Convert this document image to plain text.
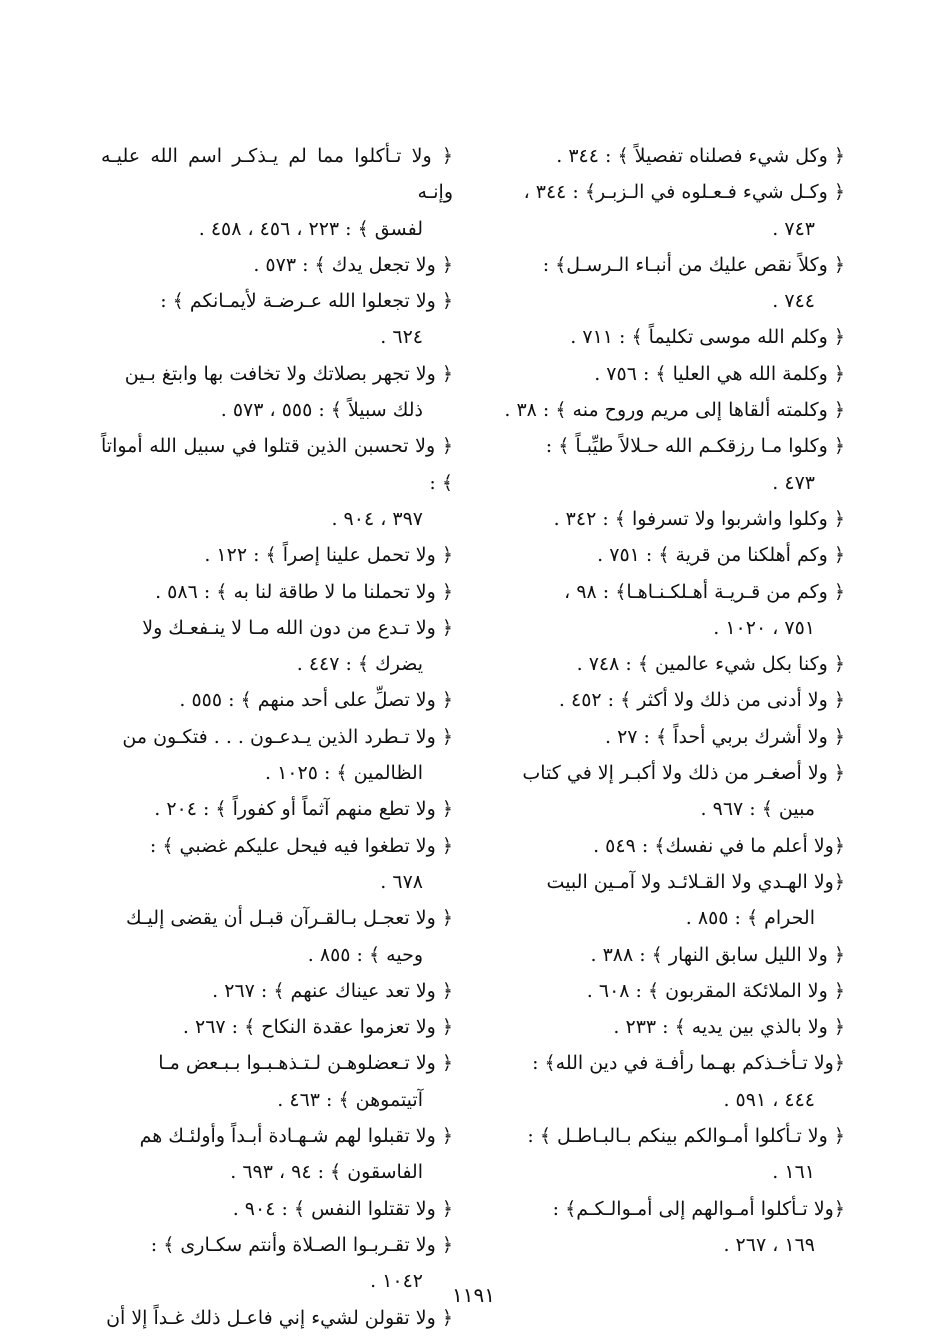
﴿ وكل شيء فصلناه تفصيلاً ﴾ : ٣٤٤ .
﴿ وكـل شيء فـعـلوه في الـزبـر﴾ : ٣٤٤ ،
٧٤٣ .
﴿ وكلاً نقص عليك من أنبـاء الـرسـل﴾ :
٧٤٤ .
﴿ وكلم الله موسى تكليماً ﴾ : ٧١١ .
﴿ وكلمة الله هي العليا ﴾ : ٧٥٦ .
﴿ وكلمته ألقاها إلى مريم وروح منه ﴾ : ٣٨ .
﴿ وكلوا مـا رزقكـم الله حـلالاً طيِّبـاً ﴾ :
٤٧٣ .
﴿ وكلوا واشربوا ولا تسرفوا ﴾ : ٣٤٢ .
﴿ وكم أهلكنا من قرية ﴾ : ٧٥١ .
﴿ وكم من قـريـة أهـلكـنـاهـا﴾ : ٩٨ ،
٧٥١ ، ١٠٢٠ .
﴿ وكنا بكل شيء عالمين ﴾ : ٧٤٨ .
﴿ ولا أدنى من ذلك ولا أكثر ﴾ : ٤٥٢ .
﴿ ولا أشرك بربي أحداً ﴾ : ٢٧ .
﴿ ولا أصغـر من ذلك ولا أكبـر إلا في كتاب
مبين ﴾ : ٩٦٧ .
﴿ولا أعلم ما في نفسك﴾ : ٥٤٩ .
﴿ولا الهـدي ولا القـلائـد ولا آمـين البيت
الحرام ﴾ : ٨٥٥ .
﴿ ولا الليل سابق النهار ﴾ : ٣٨٨ .
﴿ ولا الملائكة المقربون ﴾ : ٦٠٨ .
﴿ ولا بالذي بين يديه ﴾ : ٢٣٣ .
﴿ولا تـأخـذكم بهـما رأفـة في دين الله﴾ :
٤٤٤ ، ٥٩١ .
﴿ ولا تـأكلوا أمـوالكم بينكم بـالبـاطـل ﴾ :
١٦١ .
﴿ولا تـأكلوا أمـوالهم إلى أمـوالـكـم﴾ :
١٦٩ ، ٢٦٧ .
﴿ ولا تـأكلوا مما لم يـذكـر اسم الله عليـه وإنـه
لفسق ﴾ : ٢٢٣ ، ٤٥٦ ، ٤٥٨ .
﴿ ولا تجعل يدك ﴾ : ٥٧٣ .
﴿ ولا تجعلوا الله عـرضـة لأيمـانكم ﴾ :
٦٢٤ .
﴿ ولا تجهر بصلاتك ولا تخافت بها وابتغ بـين
ذلك سبيلاً ﴾ : ٥٥٥ ، ٥٧٣ .
﴿ ولا تحسبن الذين قتلوا في سبيل الله أمواتاً ﴾ :
٣٩٧ ، ٩٠٤ .
﴿ ولا تحمل علينا إصراً ﴾ : ١٢٢ .
﴿ ولا تحملنا ما لا طاقة لنا به ﴾ : ٥٨٦ .
﴿ ولا تـدع من دون الله مـا لا ينـفعـك ولا
يضرك ﴾ : ٤٤٧ .
﴿ ولا تصلِّ على أحد منهم ﴾ : ٥٥٥ .
﴿ ولا تـطرد الذين يـدعـون . . . فتكـون من
الظالمين ﴾ : ١٠٢٥ .
﴿ ولا تطع منهم آثماً أو كفوراً ﴾ : ٢٠٤ .
﴿ ولا تطغوا فيه فيحل عليكم غضبي ﴾ :
٦٧٨ .
﴿ ولا تعجـل بـالقـرآن قبـل أن يقضى إليـك
وحيه ﴾ : ٨٥٥ .
﴿ ولا تعد عيناك عنهم ﴾ : ٢٦٧ .
﴿ ولا تعزموا عقدة النكاح ﴾ : ٢٦٧ .
﴿ ولا تـعضلوهـن لـتـذهـبـوا بـبـعض مـا
آتيتموهن ﴾ : ٤٦٣ .
﴿ ولا تقبلوا لهم شـهـادة أبـداً وأولئـك هم
الفاسقون ﴾ : ٩٤ ، ٦٩٣ .
﴿ ولا تقتلوا النفس ﴾ : ٩٠٤ .
﴿ ولا تقـربـوا الصـلاة وأنتم سكـارى ﴾ :
١٠٤٢ .
﴿ ولا تقولن لشيء إني فاعـل ذلك غـداً إلا أن
١١٩١
